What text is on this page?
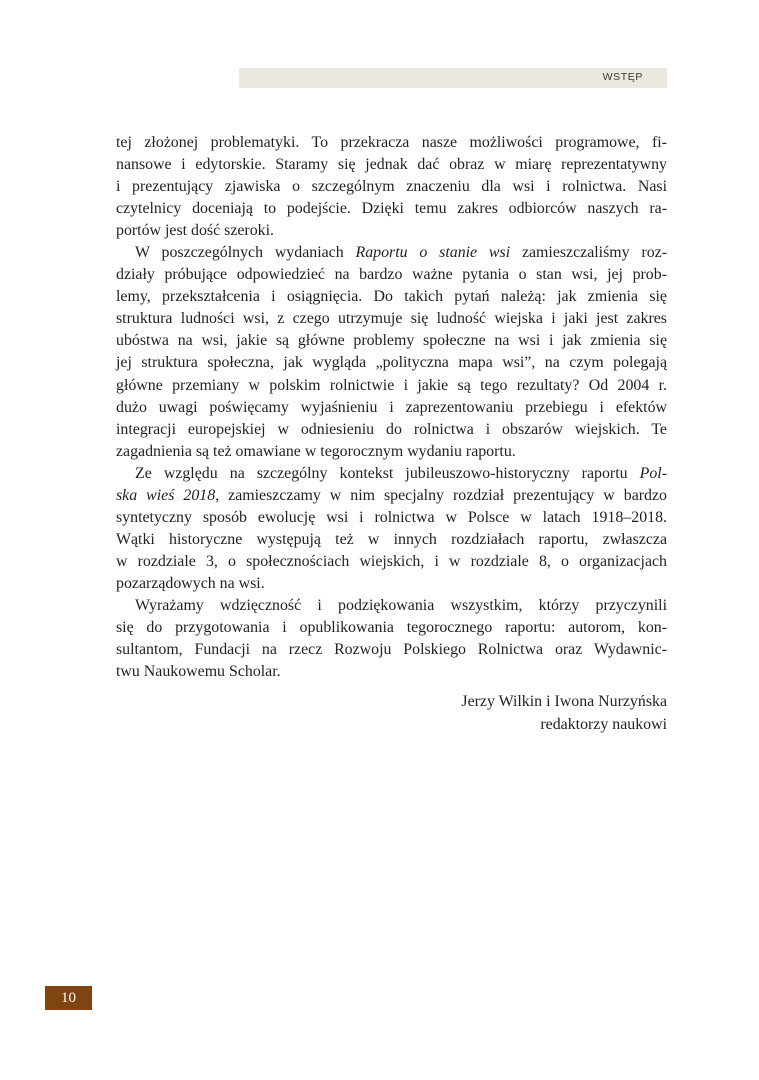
WSTĘP
tej złożonej problematyki. To przekracza nasze możliwości programowe, fi-
nansowe i edytorskie. Staramy się jednak dać obraz w miarę reprezentatywny
i prezentujący zjawiska o szczególnym znaczeniu dla wsi i rolnictwa. Nasi
czytelnicy doceniają to podejście. Dzięki temu zakres odbiorców naszych ra-
portów jest dość szeroki.
W poszczególnych wydaniach Raportu o stanie wsi zamieszczaliśmy roz-
działy próbujące odpowiedzieć na bardzo ważne pytania o stan wsi, jej prob-
lemy, przekształcenia i osiągnięcia. Do takich pytań należą: jak zmienia się
struktura ludności wsi, z czego utrzymuje się ludność wiejska i jaki jest zakres
ubóstwa na wsi, jakie są główne problemy społeczne na wsi i jak zmienia się
jej struktura społeczna, jak wygląda „polityczna mapa wsi”, na czym polegają
główne przemiany w polskim rolnictwie i jakie są tego rezultaty? Od 2004 r.
dużo uwagi poświęcamy wyjaśnieniu i zaprezentowaniu przebiegu i efektów
integracji europejskiej w odniesieniu do rolnictwa i obszarów wiejskich. Te
zagadnienia są też omawiane w tegorocznym wydaniu raportu.
Ze względu na szczególny kontekst jubileuszowo-historyczny raportu Pol-
ska wieś 2018, zamieszczamy w nim specjalny rozdział prezentujący w bardzo
syntetyczny sposób ewolucję wsi i rolnictwa w Polsce w latach 1918–2018.
Wątki historyczne występują też w innych rozdziałach raportu, zwłaszcza
w rozdziale 3, o społecznościach wiejskich, i w rozdziale 8, o organizacjach
pozarządowych na wsi.
Wyrażamy wdzięczność i podziękowania wszystkim, którzy przyczynili
się do przygotowania i opublikowania tegorocznego raportu: autorom, kon-
sultantom, Fundacji na rzecz Rozwoju Polskiego Rolnictwa oraz Wydawnic-
twu Naukowemu Scholar.
Jerzy Wilkin i Iwona Nurzyńska
redaktorzy naukowi
10
